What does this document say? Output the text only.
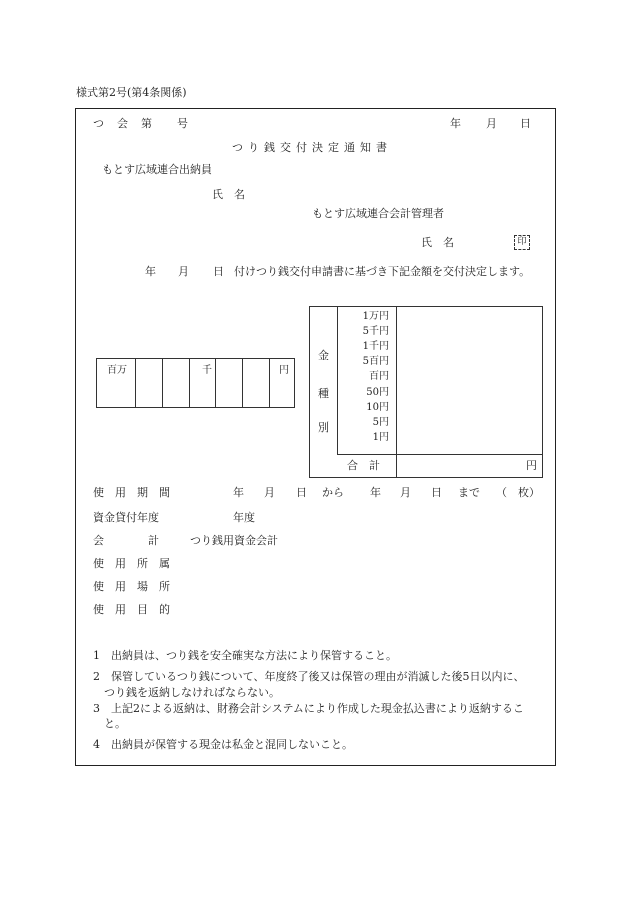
様式第2号(第4条関係)
つ　会　第　　号	年 月 日
つり銭交付決定通知書
もとす広域連合出納員
氏　名
もとす広域連合会計管理者
氏　名	印
年 月 日 付けつり銭交付申請書に基づき下記金額を交付決定します。
百万	千	円
金
種
別
1万円
5千円
1千円
5百円
百円
50円
10円
5円
1円
合　計	円
使　用　期　間	年 月 日 から 年 月 日 まで （　枚）
資金貸付年度	年度
会　　　　計	つり銭用資金会計
使　用　所　属
使　用　場　所
使　用　目　的
1　出納員は、つり銭を安全確実な方法により保管すること。
2　保管しているつり銭について、年度終了後又は保管の理由が消滅した後5日以内に、
　つり銭を返納しなければならない。
3　上記2による返納は、財務会計システムにより作成した現金払込書により返納するこ
　と。
4　出納員が保管する現金は私金と混同しないこと。
